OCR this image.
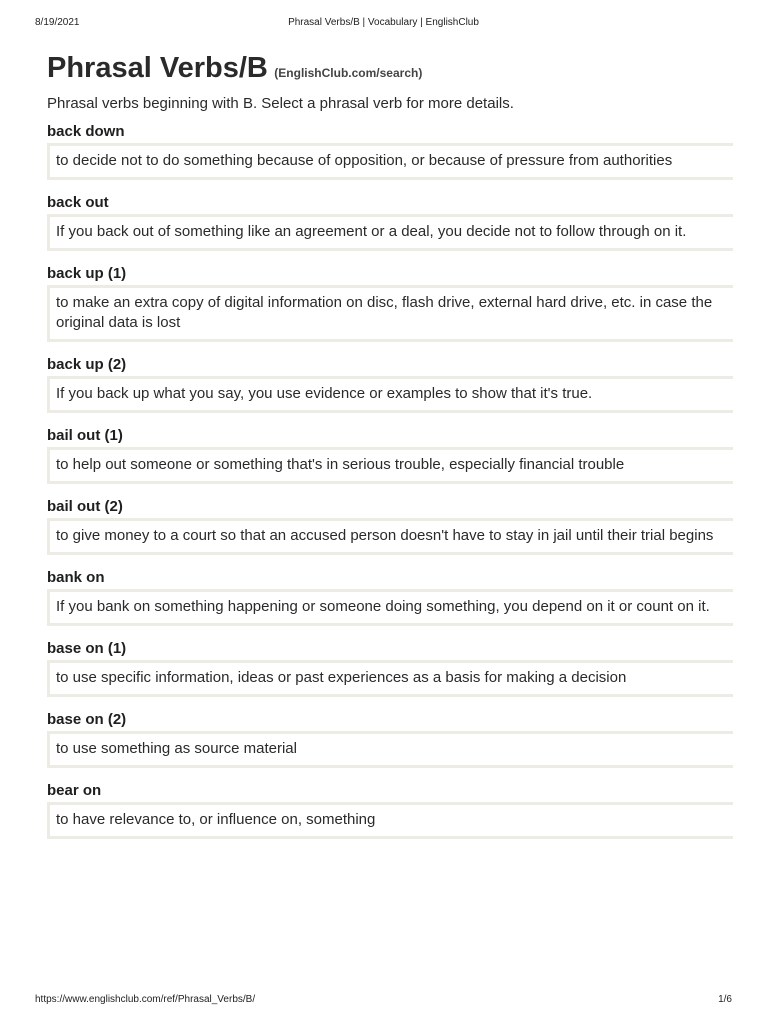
8/19/2021	Phrasal Verbs/B | Vocabulary | EnglishClub
Phrasal Verbs/B (EnglishClub.com/search)
Phrasal verbs beginning with B. Select a phrasal verb for more details.
back down
to decide not to do something because of opposition, or because of pressure from authorities
back out
If you back out of something like an agreement or a deal, you decide not to follow through on it.
back up (1)
to make an extra copy of digital information on disc, flash drive, external hard drive, etc. in case the original data is lost
back up (2)
If you back up what you say, you use evidence or examples to show that it's true.
bail out (1)
to help out someone or something that's in serious trouble, especially financial trouble
bail out (2)
to give money to a court so that an accused person doesn't have to stay in jail until their trial begins
bank on
If you bank on something happening or someone doing something, you depend on it or count on it.
base on (1)
to use specific information, ideas or past experiences as a basis for making a decision
base on (2)
to use something as source material
bear on
to have relevance to, or influence on, something
https://www.englishclub.com/ref/Phrasal_Verbs/B/	1/6
